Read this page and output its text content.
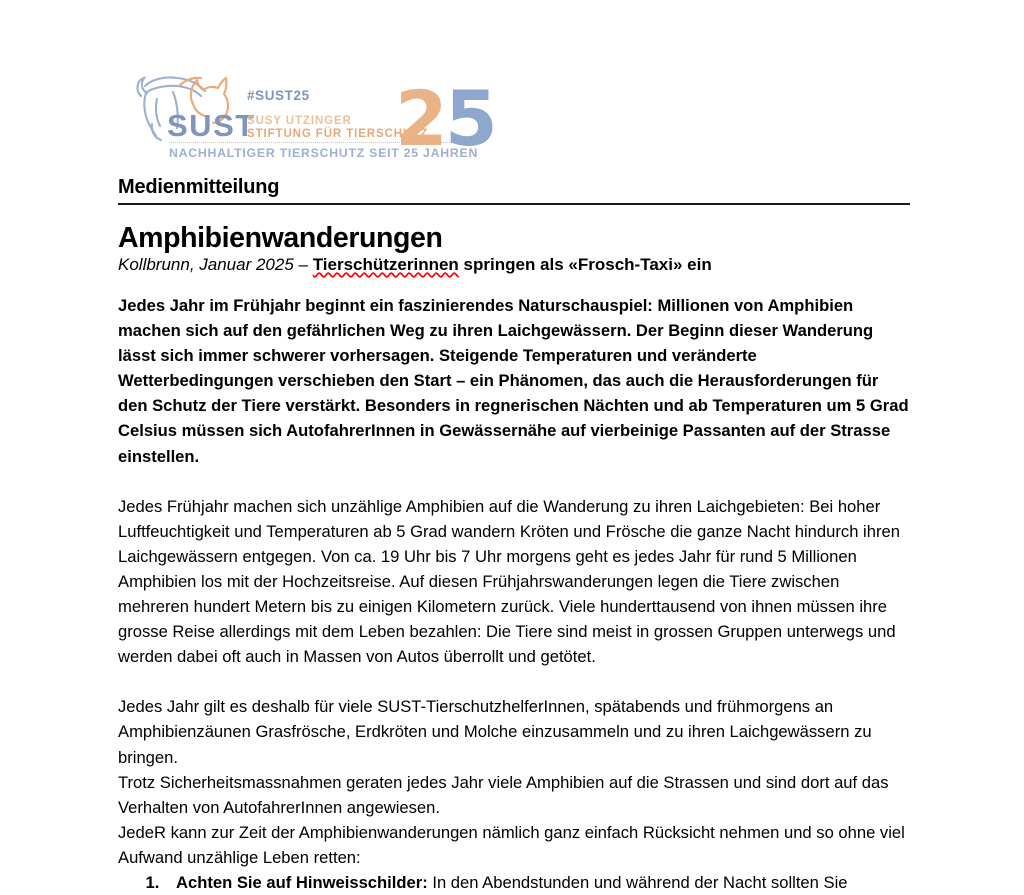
SUST
#SUST25
SUSY UTZINGER
STIFTUNG FÜR TIERSCHUTZ
NACHHALTIGER TIERSCHUTZ SEIT 25 JAHREN
25
Medienmitteilung
Amphibienwanderungen
Kollbrunn, Januar 2025 – Tierschützerinnen springen als «Frosch-Taxi» ein

Jedes Jahr im Frühjahr beginnt ein faszinierendes Naturschauspiel: Millionen von Amphibien machen sich auf den gefährlichen Weg zu ihren Laichgewässern. Der Beginn dieser Wanderung lässt sich immer schwerer vorhersagen. Steigende Temperaturen und veränderte Wetterbedingungen verschieben den Start – ein Phänomen, das auch die Herausforderungen für den Schutz der Tiere verstärkt. Besonders in regnerischen Nächten und ab Temperaturen um 5 Grad Celsius müssen sich AutofahrerInnen in Gewässernähe auf vierbeinige Passanten auf der Strasse einstellen.

Jedes Frühjahr machen sich unzählige Amphibien auf die Wanderung zu ihren Laichgebieten: Bei hoher Luftfeuchtigkeit und Temperaturen ab 5 Grad wandern Kröten und Frösche die ganze Nacht hindurch ihren Laichgewässern entgegen. Von ca. 19 Uhr bis 7 Uhr morgens geht es jedes Jahr für rund 5 Millionen Amphibien los mit der Hochzeitsreise. Auf diesen Frühjahrswanderungen legen die Tiere zwischen mehreren hundert Metern bis zu einigen Kilometern zurück. Viele hunderttausend von ihnen müssen ihre grosse Reise allerdings mit dem Leben bezahlen: Die Tiere sind meist in grossen Gruppen unterwegs und werden dabei oft auch in Massen von Autos überrollt und getötet.

Jedes Jahr gilt es deshalb für viele SUST-TierschutzhelferInnen, spätabends und frühmorgens an Amphibienzäunen Grasfrösche, Erdkröten und Molche einzusammeln und zu ihren Laichgewässern zu bringen.

Trotz Sicherheitsmassnahmen geraten jedes Jahr viele Amphibien auf die Strassen und sind dort auf das Verhalten von AutofahrerInnen angewiesen.

JedeR kann zur Zeit der Amphibienwanderungen nämlich ganz einfach Rücksicht nehmen und so ohne viel Aufwand unzählige Leben retten:

1. Achten Sie auf Hinweisschilder: In den Abendstunden und während der Nacht sollten Sie
